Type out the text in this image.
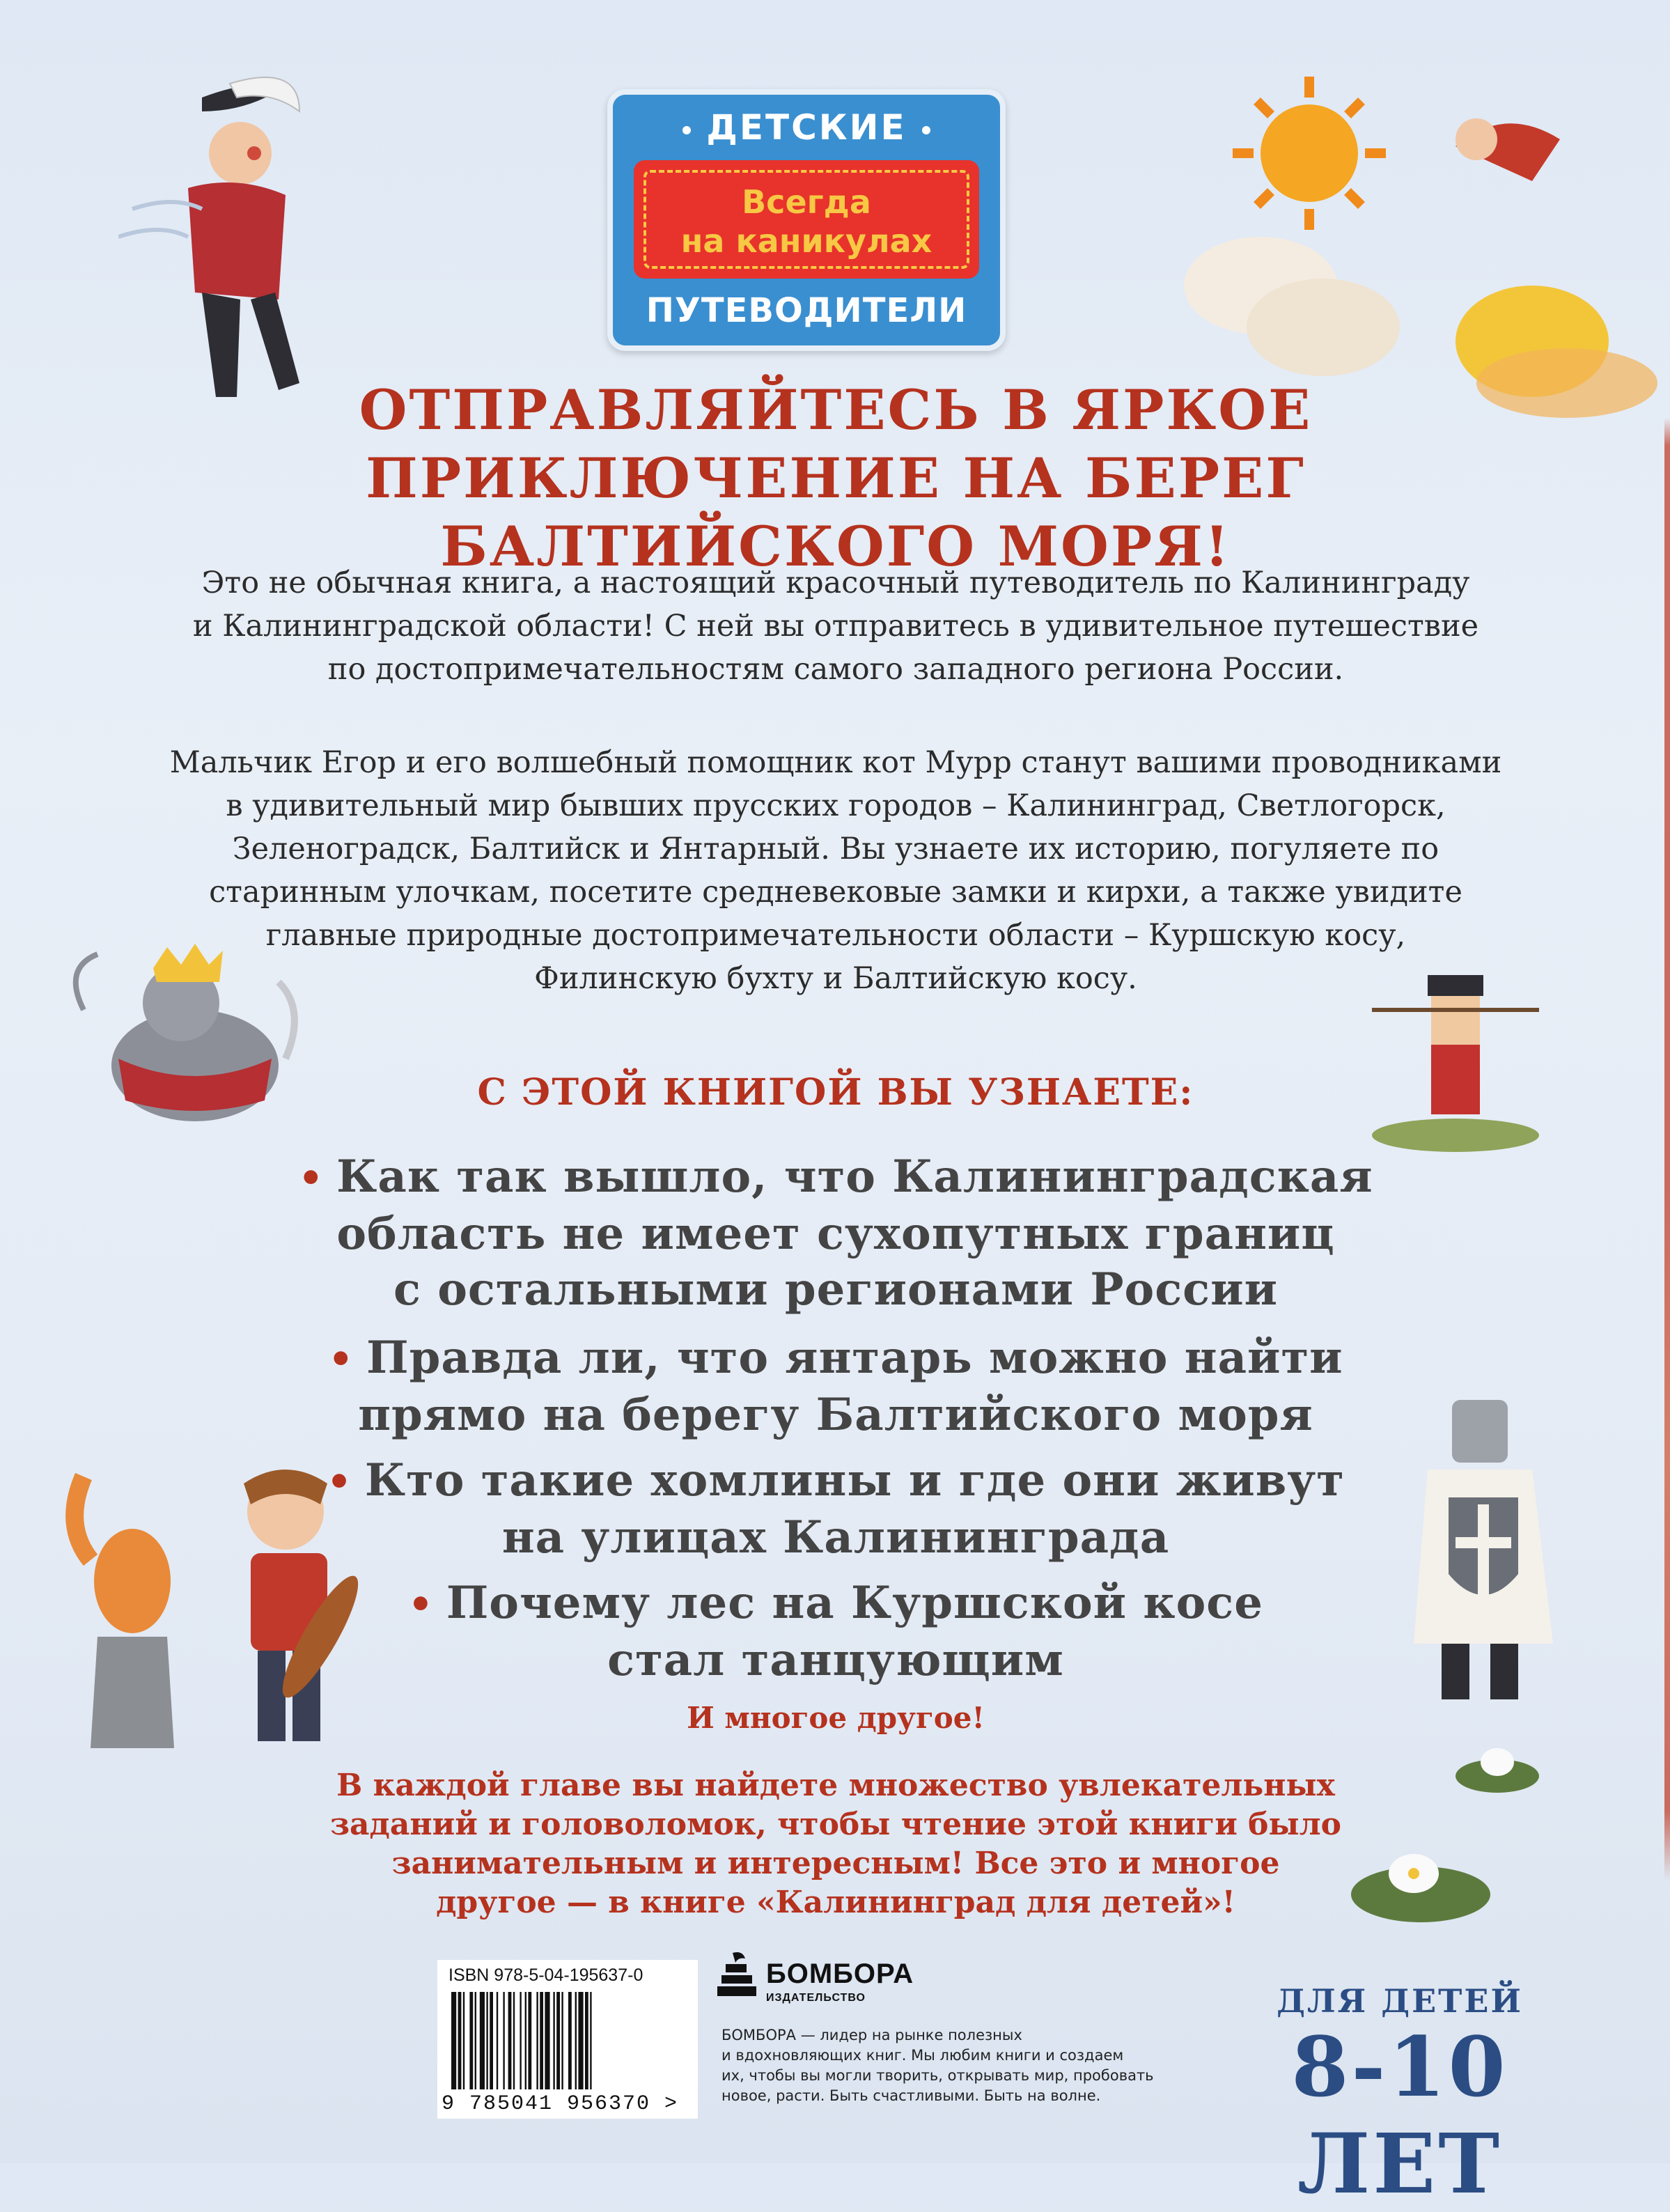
ДЕТСКИЕ
Всегда
на каникулах
ПУТЕВОДИТЕЛИ
ОТПРАВЛЯЙТЕСЬ В ЯРКОЕ
ПРИКЛЮЧЕНИЕ НА БЕРЕГ
БАЛТИЙСКОГО МОРЯ!
Это не обычная книга, а настоящий красочный путеводитель по Калининграду
и Калининградской области! С ней вы отправитесь в удивительное путешествие
по достопримечательностям самого западного региона России.
Мальчик Егор и его волшебный помощник кот Мурр станут вашими проводниками
в удивительный мир бывших прусских городов – Калининград, Светлогорск,
Зеленоградск, Балтийск и Янтарный. Вы узнаете их историю, погуляете по
старинным улочкам, посетите средневековые замки и кирхи, а также увидите
главные природные достопримечательности области – Куршскую косу,
Филинскую бухту и Балтийскую косу.
С ЭТОЙ КНИГОЙ ВЫ УЗНАЕТЕ:
• Как так вышло, что Калининградская
область не имеет сухопутных границ
с остальными регионами России
• Правда ли, что янтарь можно найти
прямо на берегу Балтийского моря
• Кто такие хомлины и где они живут
на улицах Калининграда
• Почему лес на Куршской косе
стал танцующим
И многое другое!
В каждой главе вы найдете множество увлекательных
заданий и головоломок, чтобы чтение этой книги было
занимательным и интересным! Все это и многое
другое — в книге «Калининград для детей»!
ISBN 978-5-04-195637-0
9 785041 956370 >
БОМБОРА
ИЗДАТЕЛЬСТВО
БОМБОРА — лидер на рынке полезных
и вдохновляющих книг. Мы любим книги и создаем
их, чтобы вы могли творить, открывать мир, пробовать
новое, расти. Быть счастливыми. Быть на волне.
ДЛЯ ДЕТЕЙ
8-10 ЛЕТ
